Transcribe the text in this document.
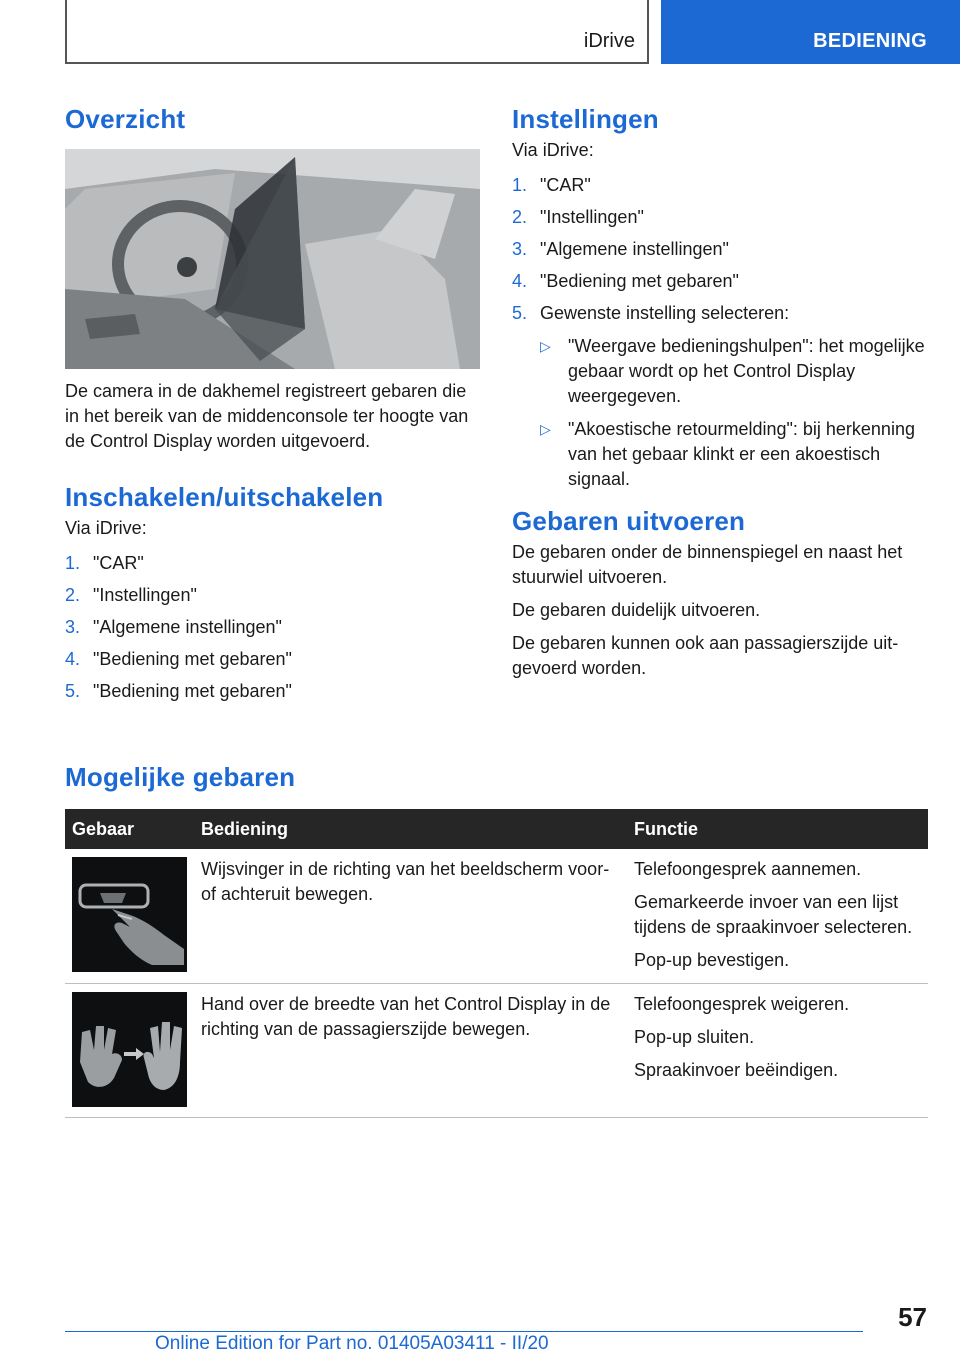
iDrive	BEDIENING
Overzicht

De camera in de dakhemel registreert gebaren die in het bereik van de middenconsole ter hoogte van de Control Display worden uitgevoerd.

Inschakelen/uitschakelen

Via iDrive:

1. "CAR"
2. "Instellingen"
3. "Algemene instellingen"
4. "Bediening met gebaren"
5. "Bediening met gebaren"
Instellingen

Via iDrive:

1. "CAR"
2. "Instellingen"
3. "Algemene instellingen"
4. "Bediening met gebaren"
5. Gewenste instelling selecteren:
▷ "Weergave bedieningshulpen": het mogelijke gebaar wordt op het Control Display weergegeven.
▷ "Akoestische retourmelding": bij herkenning van het gebaar klinkt er een akoestisch signaal.
Gebaren uitvoeren

De gebaren onder de binnenspiegel en naast het stuurwiel uitvoeren.

De gebaren duidelijk uitvoeren.

De gebaren kunnen ook aan passagierszijde uitgevoerd worden.

Mogelijke gebaren
Gebaar	Bediening	Functie

Wijsvinger in de richting van het beeldscherm voor- of achteruit bewegen.	Telefoongesprek aannemen.

Gemarkeerde invoer van een lijst tijdens de spraakinvoer selecteren.

Pop-up bevestigen.

Hand over de breedte van het Control Display in de richting van de passagierszijde bewegen.	Telefoongesprek weigeren.

Pop-up sluiten.

Spraakinvoer beëindigen.

57
Online Edition for Part no. 01405A03411 - II/20
